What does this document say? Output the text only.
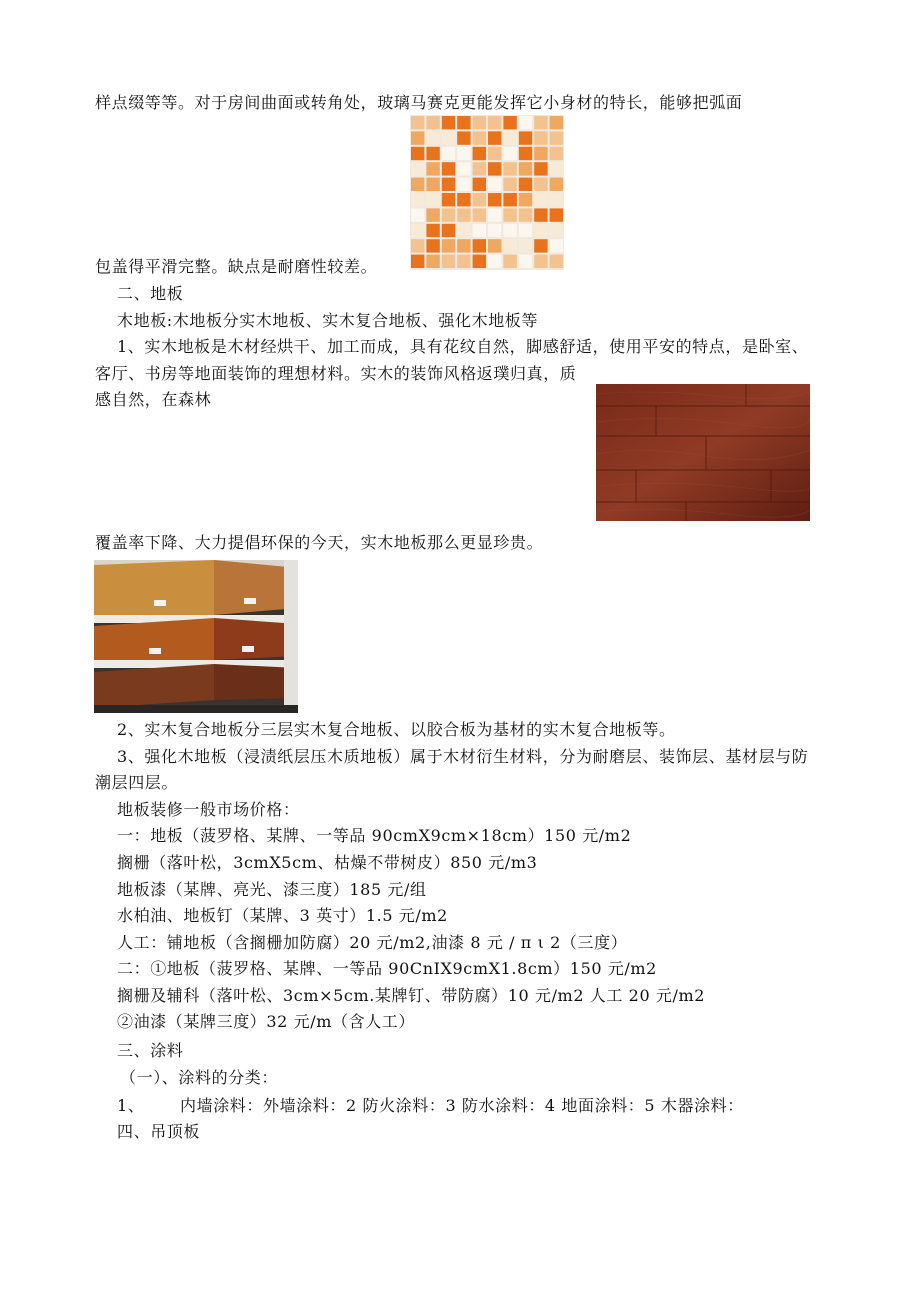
样点缀等等。对于房间曲面或转角处，玻璃马赛克更能发挥它小身材的特长，能够把弧面
包盖得平滑完整。缺点是耐磨性较差。
二、地板
木地板:木地板分实木地板、实木复合地板、强化木地板等
1、实木地板是木材经烘干、加工而成，具有花纹自然，脚感舒适，使用平安的特点，是卧室、
客厅、书房等地面装饰的理想材料。实木的装饰风格返璞归真，质
感自然，在森林
覆盖率下降、大力提倡环保的今天，实木地板那么更显珍贵。
2、实木复合地板分三层实木复合地板、以胶合板为基材的实木复合地板等。
3、强化木地板（浸渍纸层压木质地板）属于木材衍生材料，分为耐磨层、装饰层、基材层与防
潮层四层。
地板装修一般市场价格：
一：地板（菠罗格、某牌、一等品 90cmX9cm×18cm）150 元/m2
搁栅（落叶松，3cmX5cm、枯燥不带树皮）850 元/m3
地板漆（某牌、亮光、漆三度）185 元/组
水柏油、地板钉（某牌、3 英寸）1.5 元/m2
人工：铺地板（含搁栅加防腐）20 元/m2,油漆 8 元 / π ι 2（三度）
二：①地板（菠罗格、某牌、一等品 90CnIX9cmX1.8cm）150 元/m2
搁栅及辅科（落叶松、3cm×5cm.某牌钉、带防腐）10 元/m2 人工 20 元/m2
②油漆（某牌三度）32 元/m（含人工）
三、涂料
（一）、涂料的分类：
1、 内墙涂料：外墙涂料：2 防火涂料：3 防水涂料：4 地面涂料：5 木器涂料：
四、吊顶板
